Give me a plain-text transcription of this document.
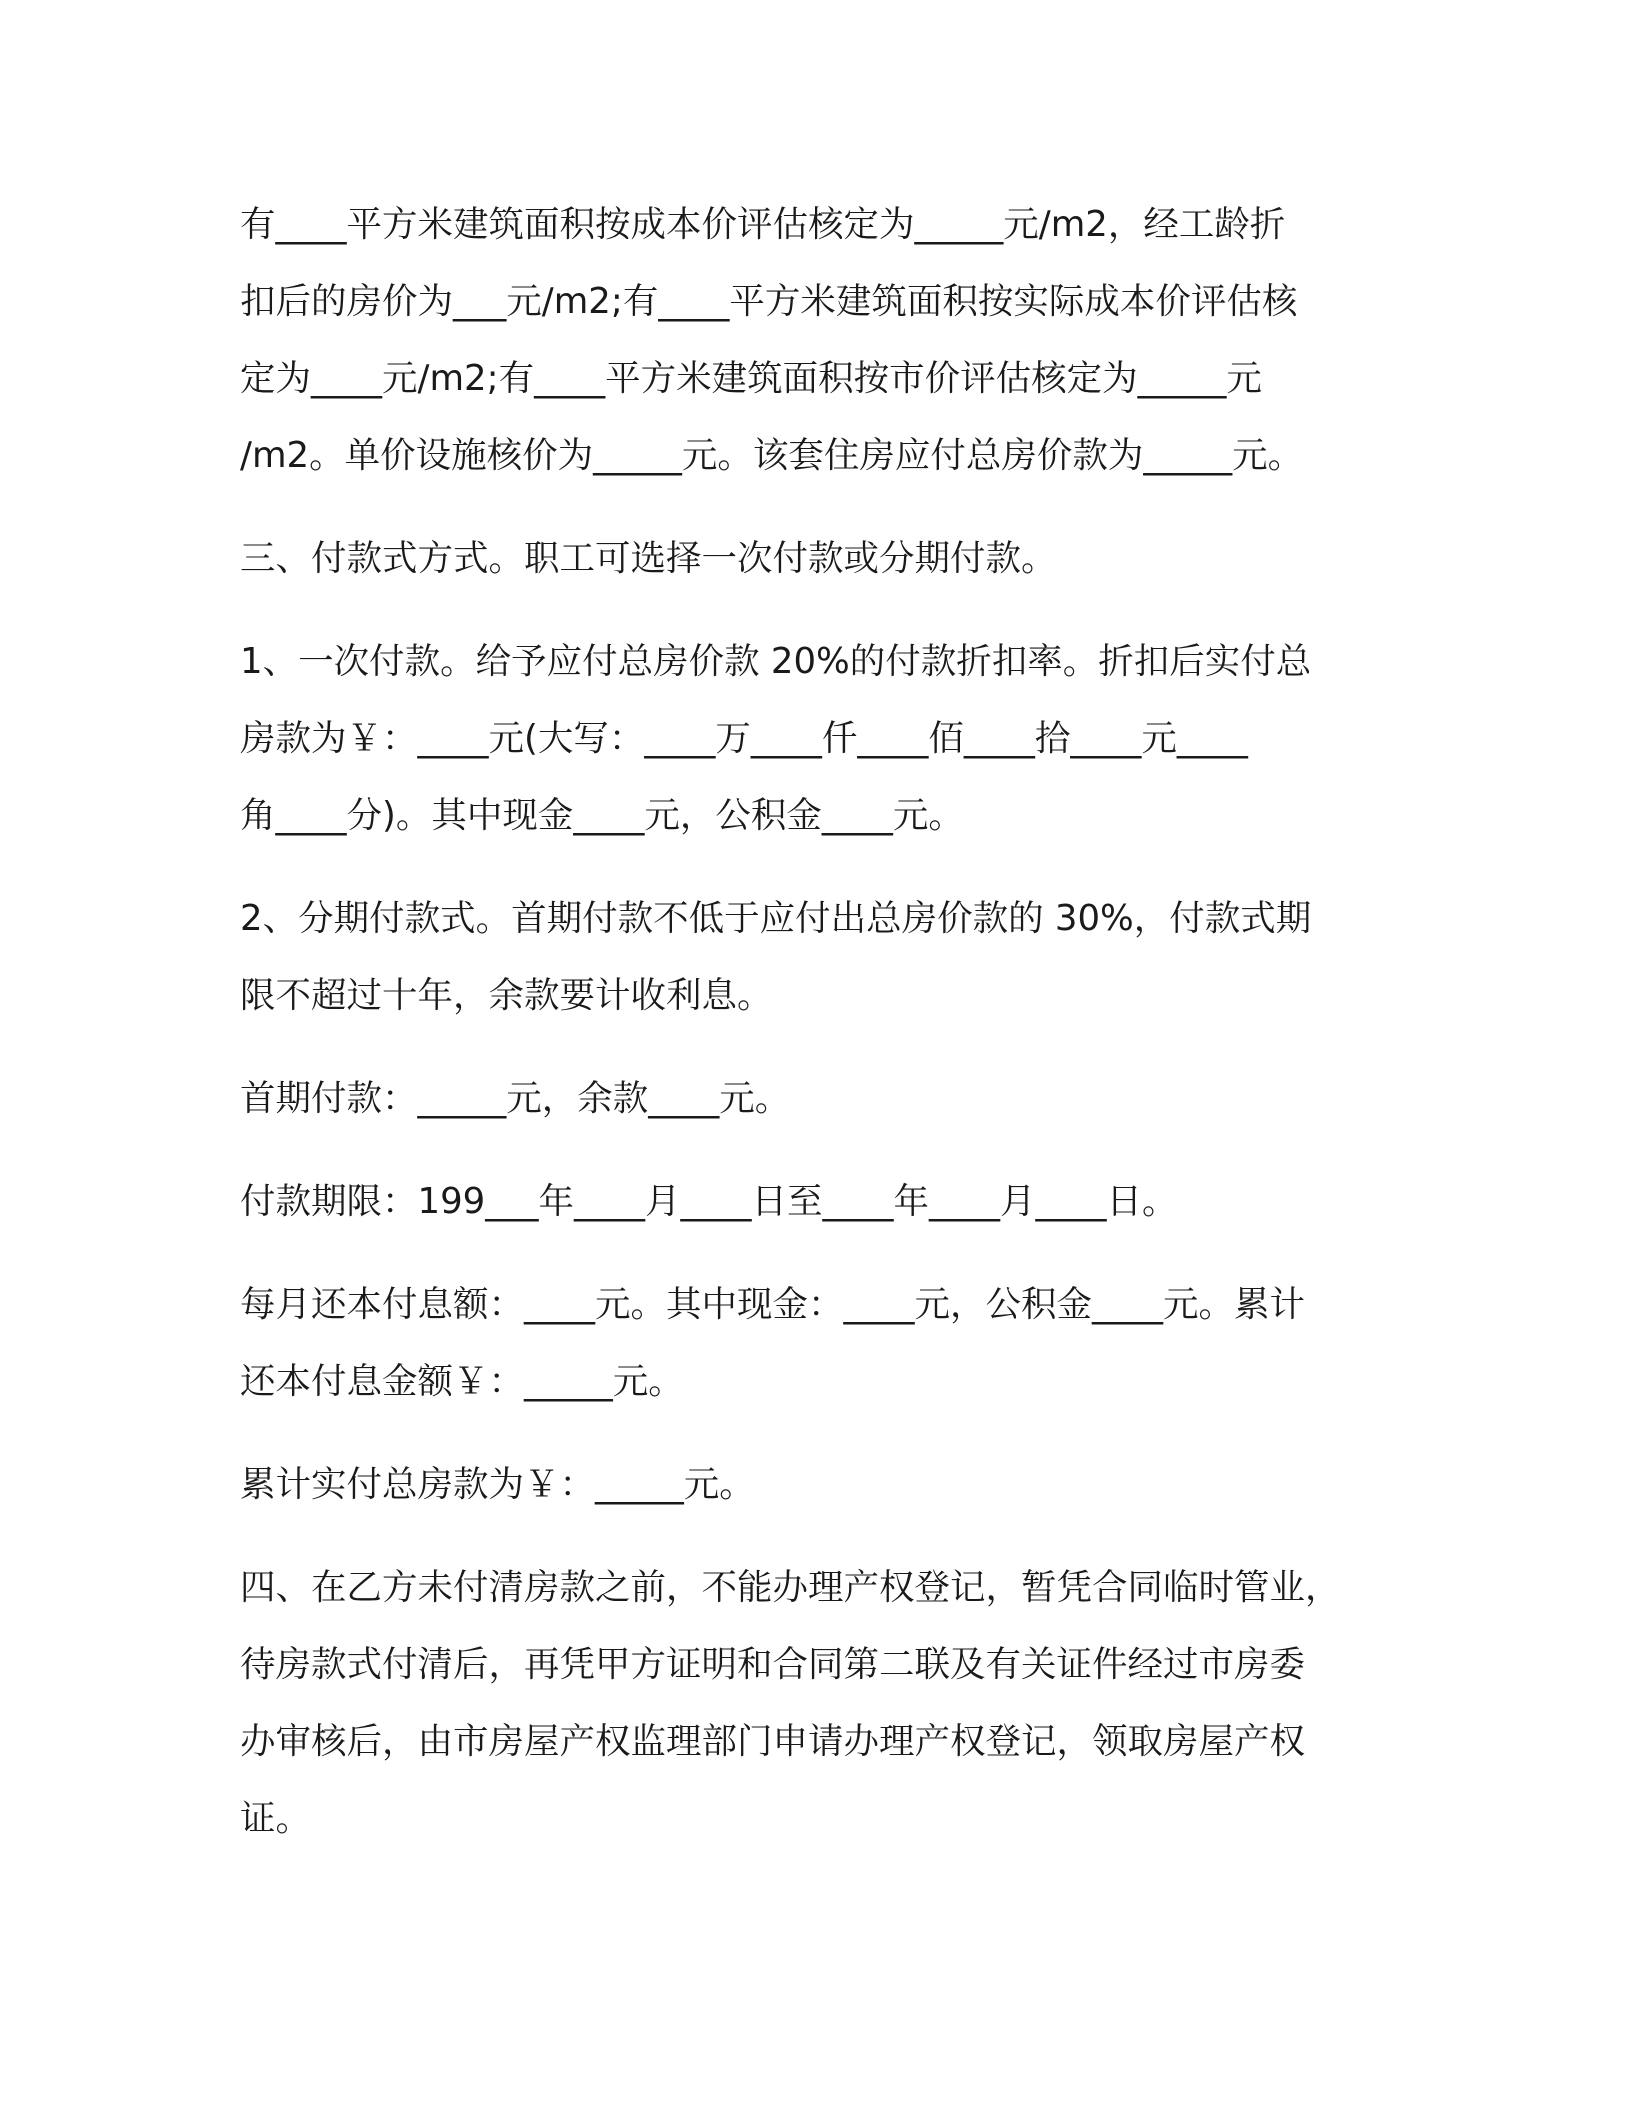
有____平方米建筑面积按成本价评估核定为_____元/m2，经工龄折
扣后的房价为___元/m2;有____平方米建筑面积按实际成本价评估核
定为____元/m2;有____平方米建筑面积按市价评估核定为_____元
/m2。单价设施核价为_____元。该套住房应付总房价款为_____元。
三、付款式方式。职工可选择一次付款或分期付款。
1、一次付款。给予应付总房价款 20%的付款折扣率。折扣后实付总
房款为￥：____元(大写：____万____仟____佰____拾____元____
角____分)。其中现金____元，公积金____元。
2、分期付款式。首期付款不低于应付出总房价款的 30%，付款式期
限不超过十年，余款要计收利息。
首期付款：_____元，余款____元。
付款期限：199___年____月____日至____年____月____日。
每月还本付息额：____元。其中现金：____元，公积金____元。累计
还本付息金额￥：_____元。
累计实付总房款为￥：_____元。
四、在乙方未付清房款之前，不能办理产权登记，暂凭合同临时管业，
待房款式付清后，再凭甲方证明和合同第二联及有关证件经过市房委
办审核后，由市房屋产权监理部门申请办理产权登记，领取房屋产权
证。
